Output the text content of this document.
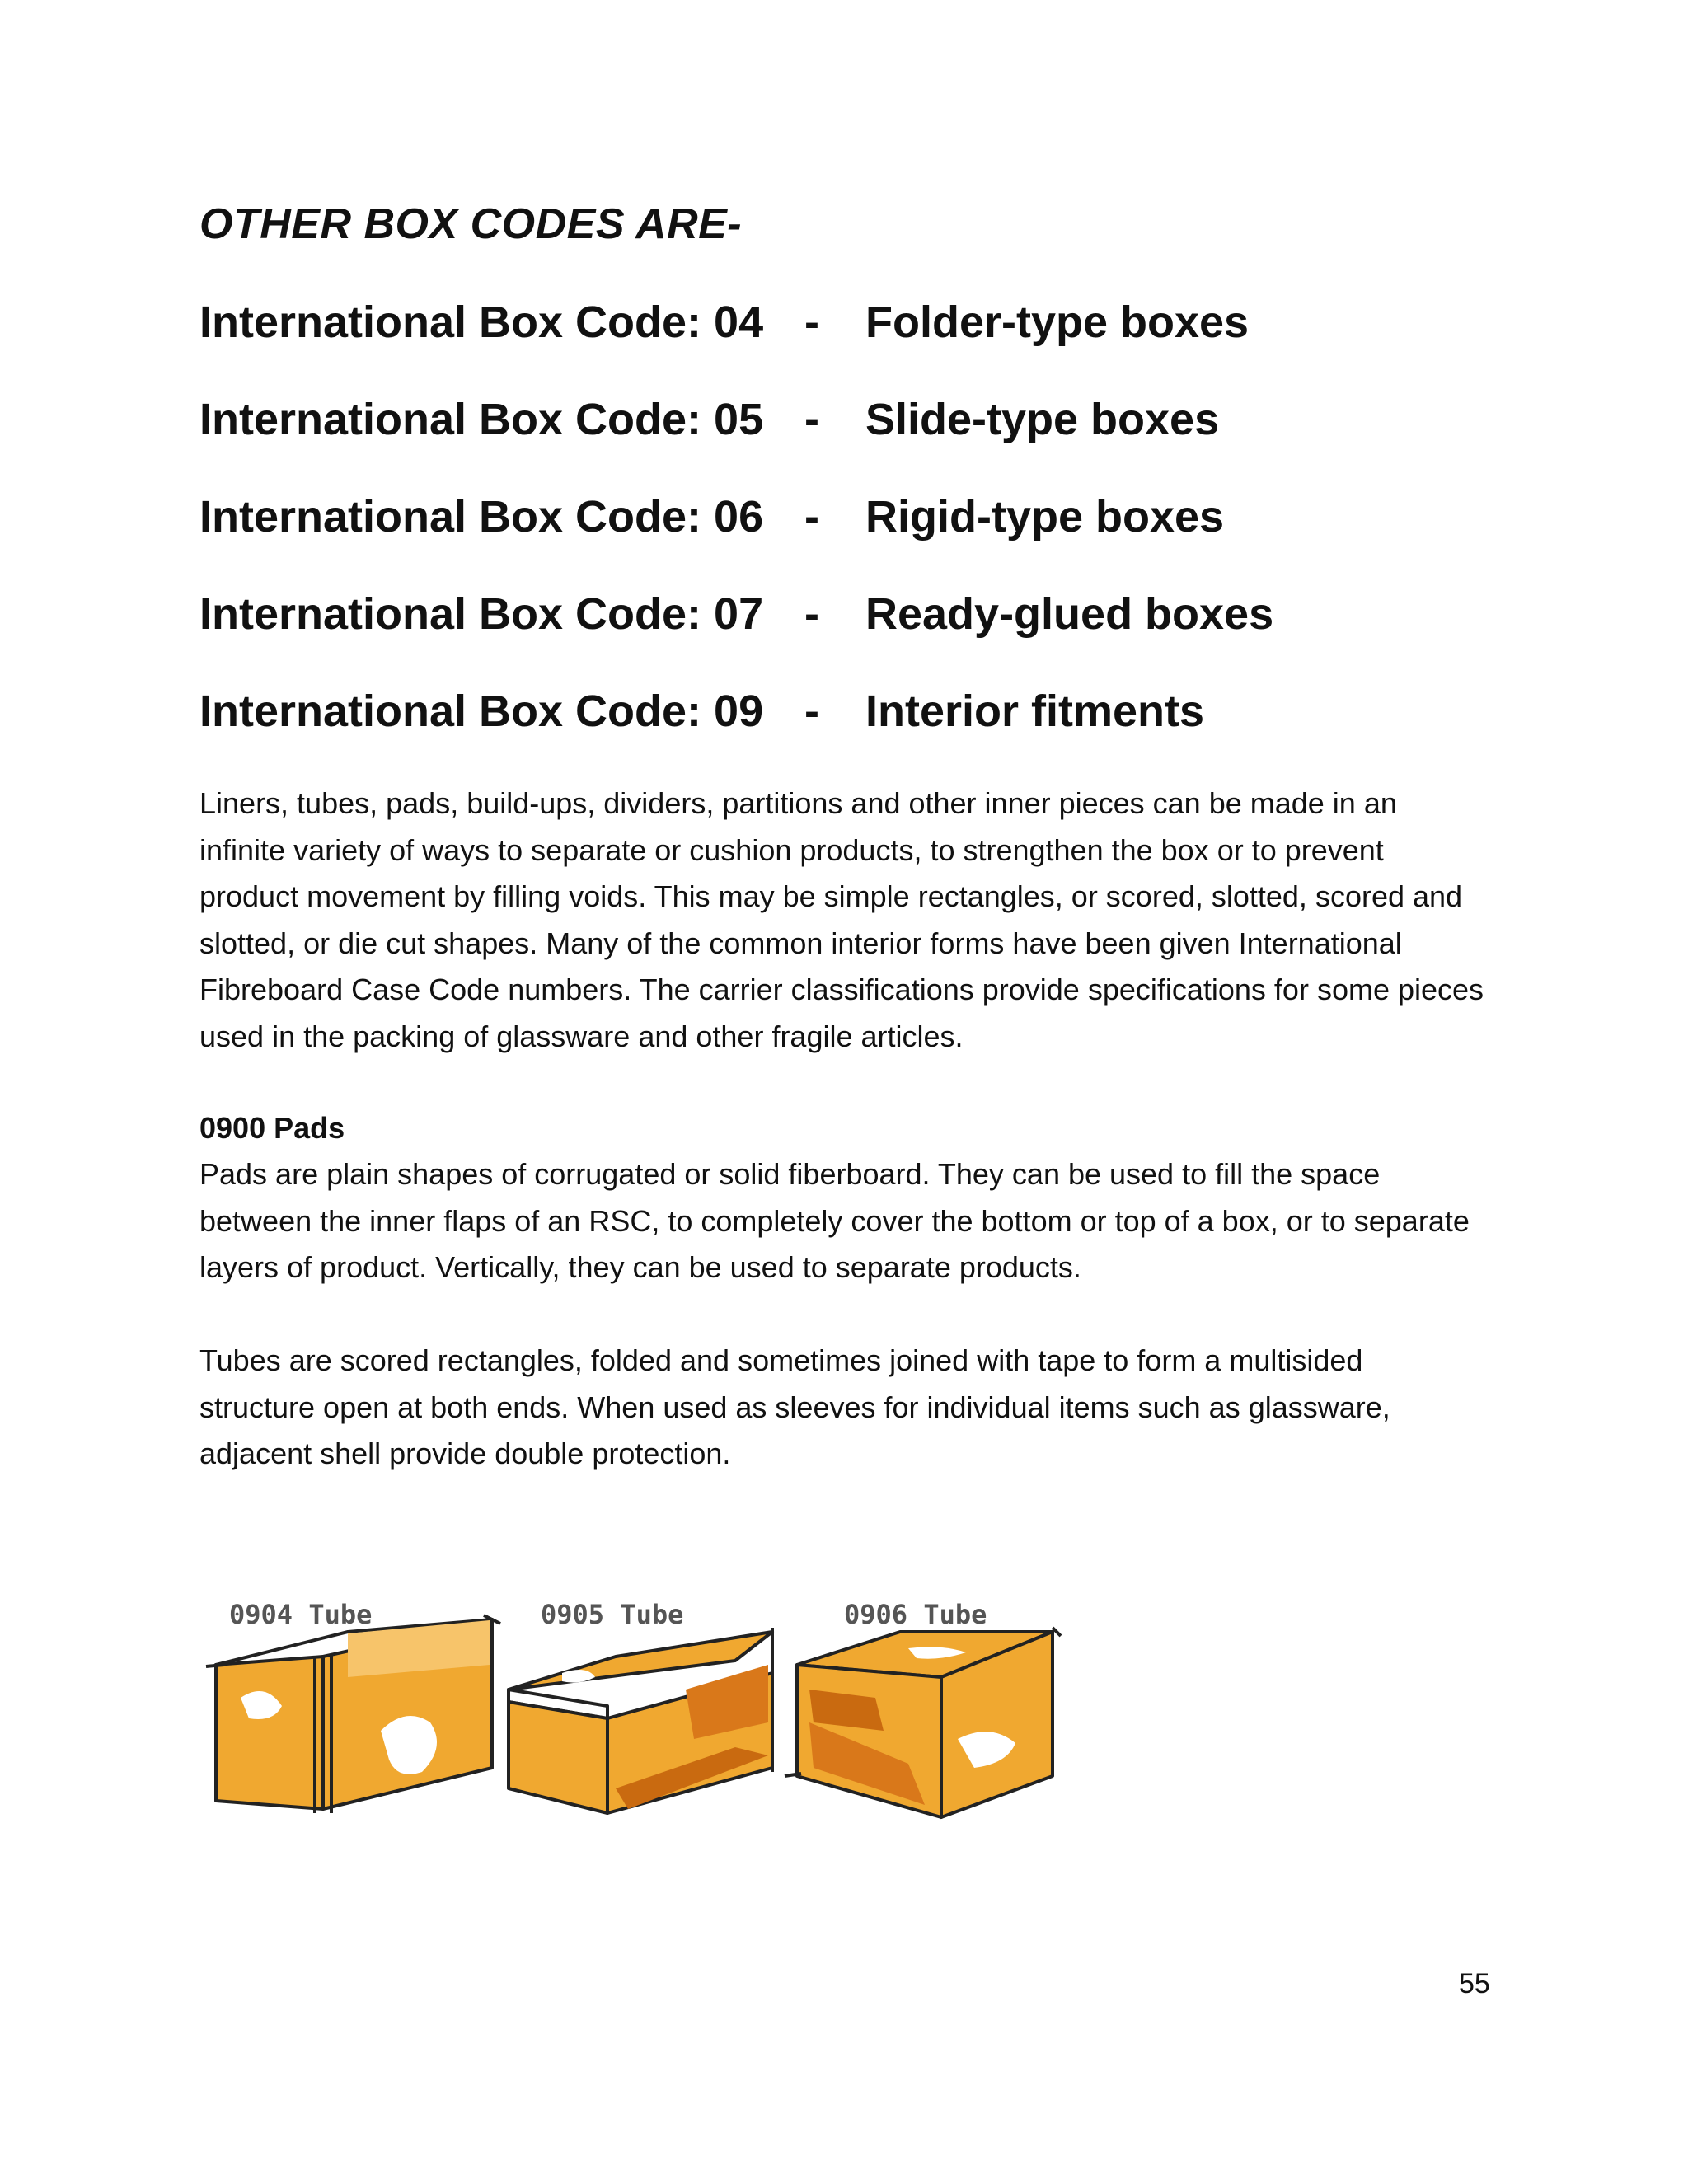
OTHER BOX CODES ARE-
International Box Code: 04 - Folder-type boxes
International Box Code: 05 - Slide-type boxes
International Box Code: 06 - Rigid-type boxes
International Box Code: 07 - Ready-glued boxes
International Box Code: 09 - Interior fitments

Liners, tubes, pads, build-ups, dividers, partitions and other inner pieces can be made in an infinite variety of ways to separate or cushion products, to strengthen the box or to prevent product movement by filling voids. This may be simple rectangles, or scored, slotted, scored and slotted, or die cut shapes. Many of the common interior forms have been given International Fibreboard Case Code numbers. The carrier classifications provide specifications for some pieces used in the packing of glassware and other fragile articles.

0900 Pads

Pads are plain shapes of corrugated or solid fiberboard. They can be used to fill the space between the inner flaps of an RSC, to completely cover the bottom or top of a box, or to separate layers of product. Vertically, they can be used to separate products.

Tubes are scored rectangles, folded and sometimes joined with tape to form a multisided structure open at both ends. When used as sleeves for individual items such as glassware, adjacent shell provide double protection.

0904 Tube	0905 Tube	0906 Tube
55
